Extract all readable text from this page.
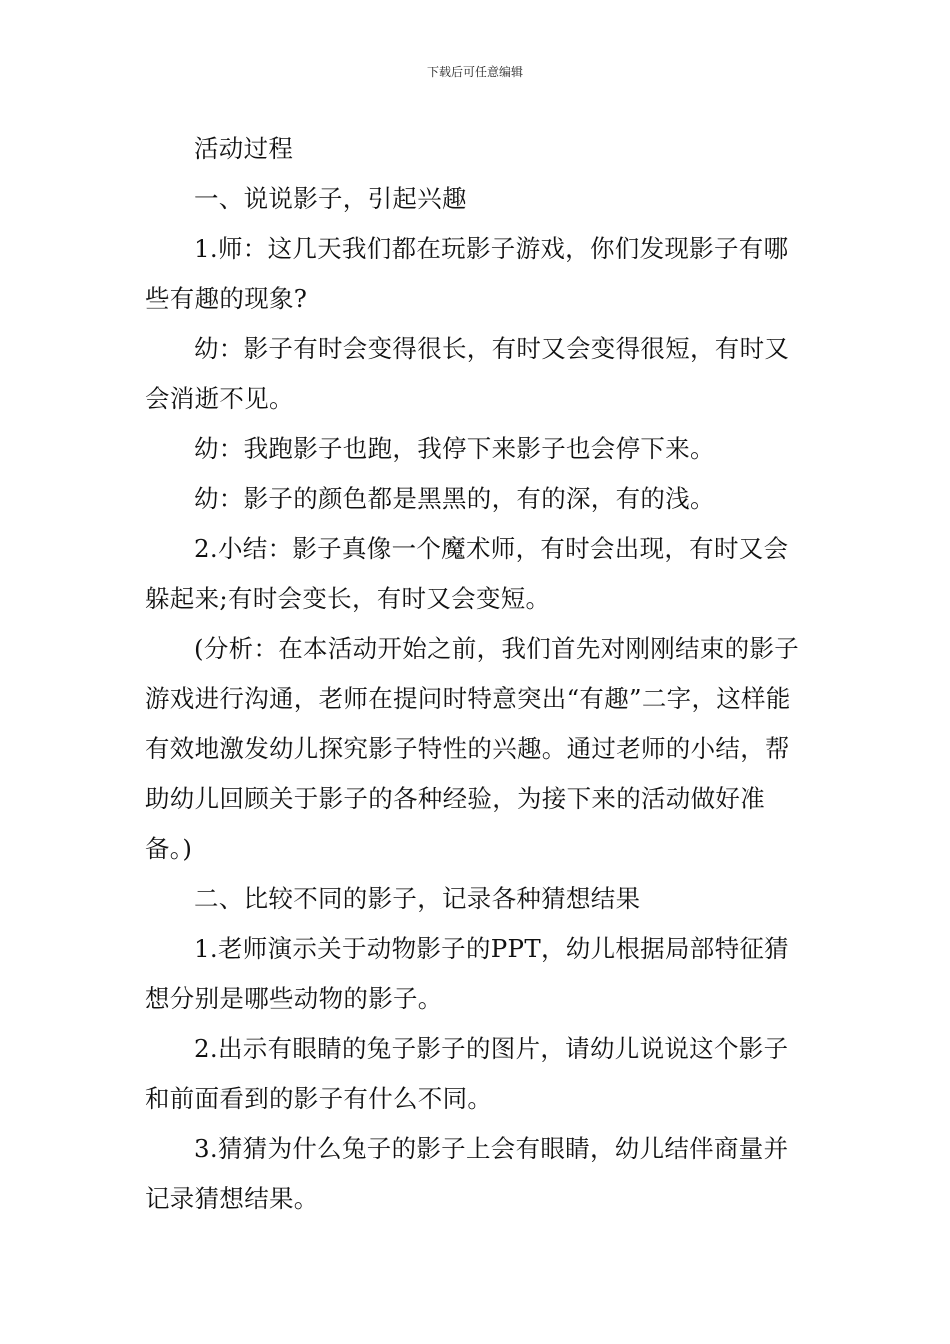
下载后可任意编辑

活动过程

一、说说影子，引起兴趣

1.师：这几天我们都在玩影子游戏，你们发现影子有哪些有趣的现象?

幼：影子有时会变得很长，有时又会变得很短，有时又会消逝不见。

幼：我跑影子也跑，我停下来影子也会停下来。

幼：影子的颜色都是黑黑的，有的深，有的浅。

2.小结：影子真像一个魔术师，有时会出现，有时又会躲起来;有时会变长，有时又会变短。

(分析：在本活动开始之前，我们首先对刚刚结束的影子游戏进行沟通，老师在提问时特意突出“有趣”二字，这样能有效地激发幼儿探究影子特性的兴趣。通过老师的小结，帮助幼儿回顾关于影子的各种经验，为接下来的活动做好准备。)

二、比较不同的影子，记录各种猜想结果

1.老师演示关于动物影子的PPT，幼儿根据局部特征猜想分别是哪些动物的影子。

2.出示有眼睛的兔子影子的图片，请幼儿说说这个影子和前面看到的影子有什么不同。

3.猜猜为什么兔子的影子上会有眼睛，幼儿结伴商量并记录猜想结果。
